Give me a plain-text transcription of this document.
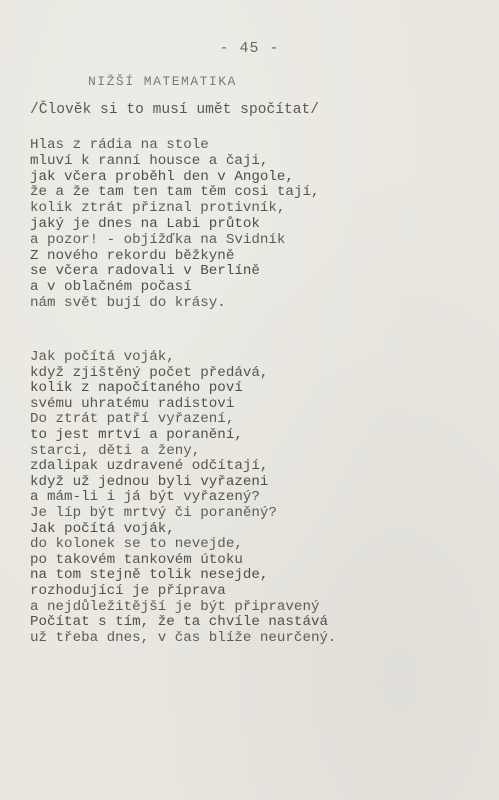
- 45 -
NIŽŠÍ MATEMATIKA
/Člověk si to musí umět spočítat/
Hlas z rádia na stole
mluví k ranní housce a čaji,
jak včera proběhl den v Angole,
že a že tam ten tam těm cosi tají,
kolik ztrát přiznal protivník,
jaký je dnes na Labi průtok
a pozor! - objížďka na Svidník
Z nového rekordu běžkyně
se včera radovali v Berlíně
a v oblačném počasí
nám svět bují do krásy.
Jak počítá voják,
když zjištěný počet předává,
kolik z napočítaného poví
svému uhratému radistovi
Do ztrát patří vyřazení,
to jest mrtví a poranění,
starci, děti a ženy,
zdalipak uzdravené odčítají,
když už jednou byli vyřazeni
a mám-li i já být vyřazený?
Je líp být mrtvý či poraněný?
Jak počítá voják,
do kolonek se to nevejde,
po takovém tankovém útoku
na tom stejně tolik nesejde,
rozhodující je příprava
a nejdůležitější je být připravený
Počítat s tím, že ta chvíle nastává
už třeba dnes, v čas blíže neurčený.
